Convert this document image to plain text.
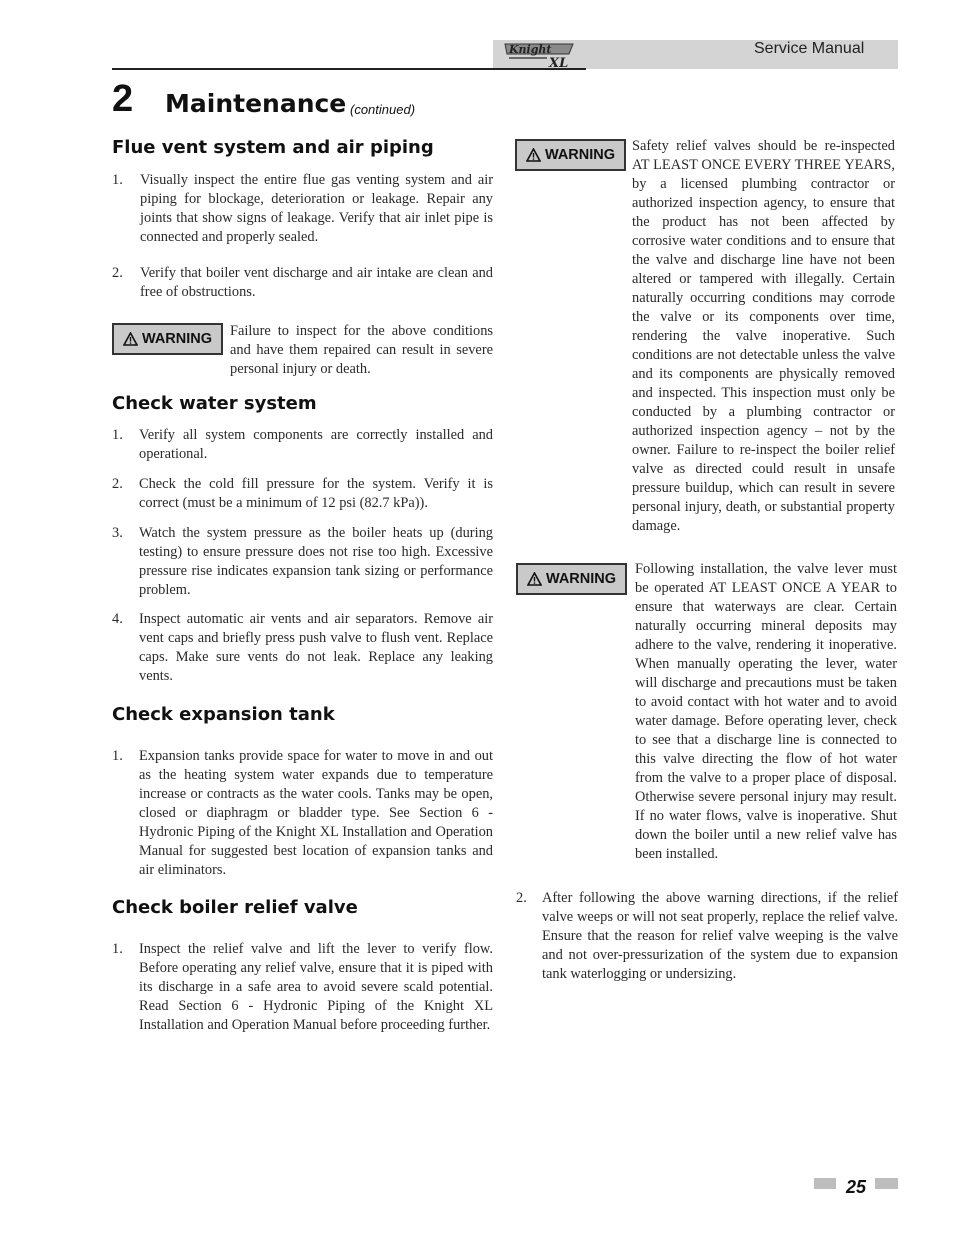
Knight
XL
Service Manual
2 Maintenance (continued)
Flue vent system and air piping
1. Visually inspect the entire flue gas venting system and air piping for blockage, deterioration or leakage. Repair any joints that show signs of leakage. Verify that air inlet pipe is connected and properly sealed.
2. Verify that boiler vent discharge and air intake are clean and free of obstructions.
WARNING Failure to inspect for the above conditions and have them repaired can result in severe personal injury or death.
Check water system
1. Verify all system components are correctly installed and operational.
2. Check the cold fill pressure for the system. Verify it is correct (must be a minimum of 12 psi (82.7 kPa)).
3. Watch the system pressure as the boiler heats up (during testing) to ensure pressure does not rise too high. Excessive pressure rise indicates expansion tank sizing or performance problem.
4. Inspect automatic air vents and air separators. Remove air vent caps and briefly press push valve to flush vent. Replace caps. Make sure vents do not leak. Replace any leaking vents.
Check expansion tank
1. Expansion tanks provide space for water to move in and out as the heating system water expands due to temperature increase or contracts as the water cools. Tanks may be open, closed or diaphragm or bladder type. See Section 6 - Hydronic Piping of the Knight XL Installation and Operation Manual for suggested best location of expansion tanks and air eliminators.
Check boiler relief valve
1. Inspect the relief valve and lift the lever to verify flow. Before operating any relief valve, ensure that it is piped with its discharge in a safe area to avoid severe scald potential. Read Section 6 - Hydronic Piping of the Knight XL Installation and Operation Manual before proceeding further.
WARNING
Safety relief valves should be re-inspected AT LEAST ONCE EVERY THREE YEARS, by a licensed plumbing contractor or authorized inspection agency, to ensure that the product has not been affected by corrosive water conditions and to ensure that the valve and discharge line have not been altered or tampered with illegally. Certain naturally occurring conditions may corrode the valve or its components over time, rendering the valve inoperative. Such conditions are not detectable unless the valve and its components are physically removed and inspected. This inspection must only be conducted by a plumbing contractor or authorized inspection agency – not by the owner. Failure to re-inspect the boiler relief valve as directed could result in unsafe pressure buildup, which can result in severe personal injury, death, or substantial property damage.
WARNING
Following installation, the valve lever must be operated AT LEAST ONCE A YEAR to ensure that waterways are clear. Certain naturally occurring mineral deposits may adhere to the valve, rendering it inoperative. When manually operating the lever, water will discharge and precautions must be taken to avoid contact with hot water and to avoid water damage. Before operating lever, check to see that a discharge line is connected to this valve directing the flow of hot water from the valve to a proper place of disposal. Otherwise severe personal injury may result. If no water flows, valve is inoperative. Shut down the boiler until a new relief valve has been installed.
2. After following the above warning directions, if the relief valve weeps or will not seat properly, replace the relief valve. Ensure that the reason for relief valve weeping is the valve and not over-pressurization of the system due to expansion tank waterlogging or undersizing.
25
